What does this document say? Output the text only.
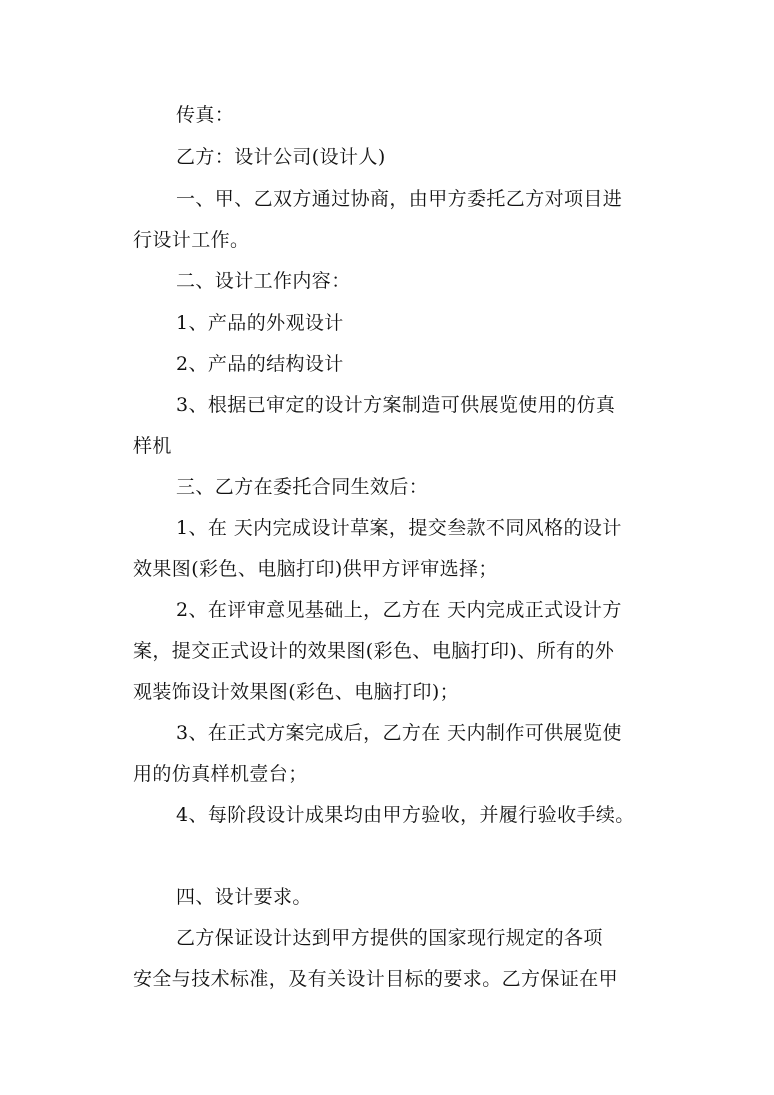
传真：
乙方：设计公司(设计人)
一、甲、乙双方通过协商，由甲方委托乙方对项目进
行设计工作。
二、设计工作内容：
1、产品的外观设计
2、产品的结构设计
3、根据已审定的设计方案制造可供展览使用的仿真
样机
三、乙方在委托合同生效后：
1、在 天内完成设计草案，提交叁款不同风格的设计
效果图(彩色、电脑打印)供甲方评审选择；
2、在评审意见基础上，乙方在 天内完成正式设计方
案，提交正式设计的效果图(彩色、电脑打印)、所有的外
观装饰设计效果图(彩色、电脑打印)；
3、在正式方案完成后，乙方在 天内制作可供展览使
用的仿真样机壹台；
4、每阶段设计成果均由甲方验收，并履行验收手续。
四、设计要求。
乙方保证设计达到甲方提供的国家现行规定的各项
安全与技术标准，及有关设计目标的要求。乙方保证在甲
